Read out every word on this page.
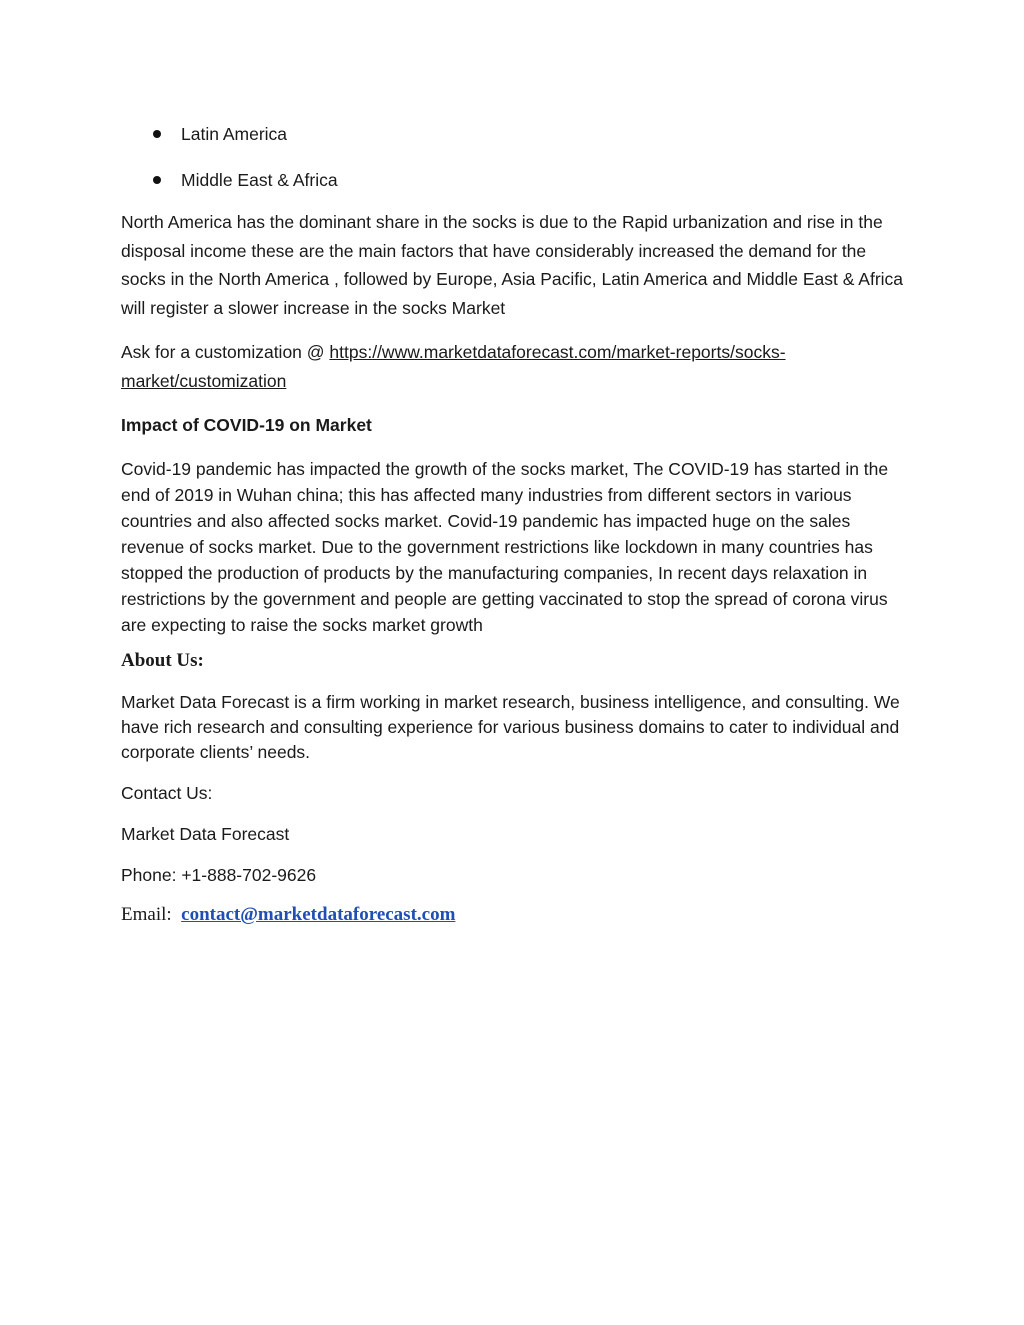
Latin America
Middle East & Africa

North America has the dominant share in the socks is due to the Rapid urbanization and rise in the disposal income these are the main factors that have considerably increased the demand for the socks in the North America , followed by Europe, Asia Pacific, Latin America and Middle East & Africa will register a slower increase in the socks Market

Ask for a customization @ https://www.marketdataforecast.com/market-reports/socks-market/customization

Impact of COVID-19 on Market

Covid-19 pandemic has impacted the growth of the socks market, The COVID-19 has started in the end of 2019 in Wuhan china; this has affected many industries from different sectors in various countries and also affected socks market. Covid-19 pandemic has impacted huge on the sales revenue of socks market. Due to the government restrictions like lockdown in many countries has stopped the production of products by the manufacturing companies, In recent days relaxation in restrictions by the government and people are getting vaccinated to stop the spread of corona virus are expecting to raise the socks market growth

About Us:

Market Data Forecast is a firm working in market research, business intelligence, and consulting. We have rich research and consulting experience for various business domains to cater to individual and corporate clients’ needs.

Contact Us:

Market Data Forecast

Phone: +1-888-702-9626

Email:  contact@marketdataforecast.com
